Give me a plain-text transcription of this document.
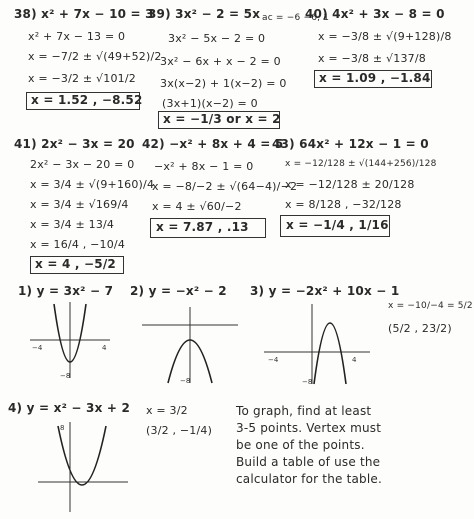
38) x² + 7x − 10 = 3
x² + 7x − 13 = 0
x = −7/2 ± √(49+52)/2
x = −3/2 ± √101/2
x = 1.52 , −8.52
39) 3x² − 2 = 5x ac = −6 −6, 1
3x² − 5x − 2 = 0
3x² − 6x + x − 2 = 0
3x(x−2) + 1(x−2) = 0
(3x+1)(x−2) = 0
x = −1/3 or x = 2
40) 4x² + 3x − 8 = 0
x = −3/8 ± √(9+128)/8
x = −3/8 ± √137/8
x = 1.09 , −1.84
41) 2x² − 3x = 20
2x² − 3x − 20 = 0
x = 3/4 ± √(9+160)/4
x = 3/4 ± √169/4
x = 3/4 ± 13/4
x = 16/4 , −10/4
x = 4 , −5/2
42) −x² + 8x + 4 = 5
−x² + 8x − 1 = 0
x = −8/−2 ± √(64−4)/−2
x = 4 ± √60/−2
x = 7.87 , .13
43) 64x² + 12x − 1 = 0
x = −12/128 ± √(144+256)/128
x = −12/128 ± 20/128
x = 8/128 , −32/128
x = −1/4 , 1/16
1) y = 3x² − 7
−4	4
−8
2) y = −x² − 2
−8
3) y = −2x² + 10x − 1
−4	4
−8
x = −10/−4 = 5/2
(5/2 , 23/2)
4) y = x² − 3x + 2
8
x = 3/2
(3/2 , −1/4)
To graph, find at least
3-5 points. Vertex must
be one of the points.
Build a table of use the
calculator for the table.
